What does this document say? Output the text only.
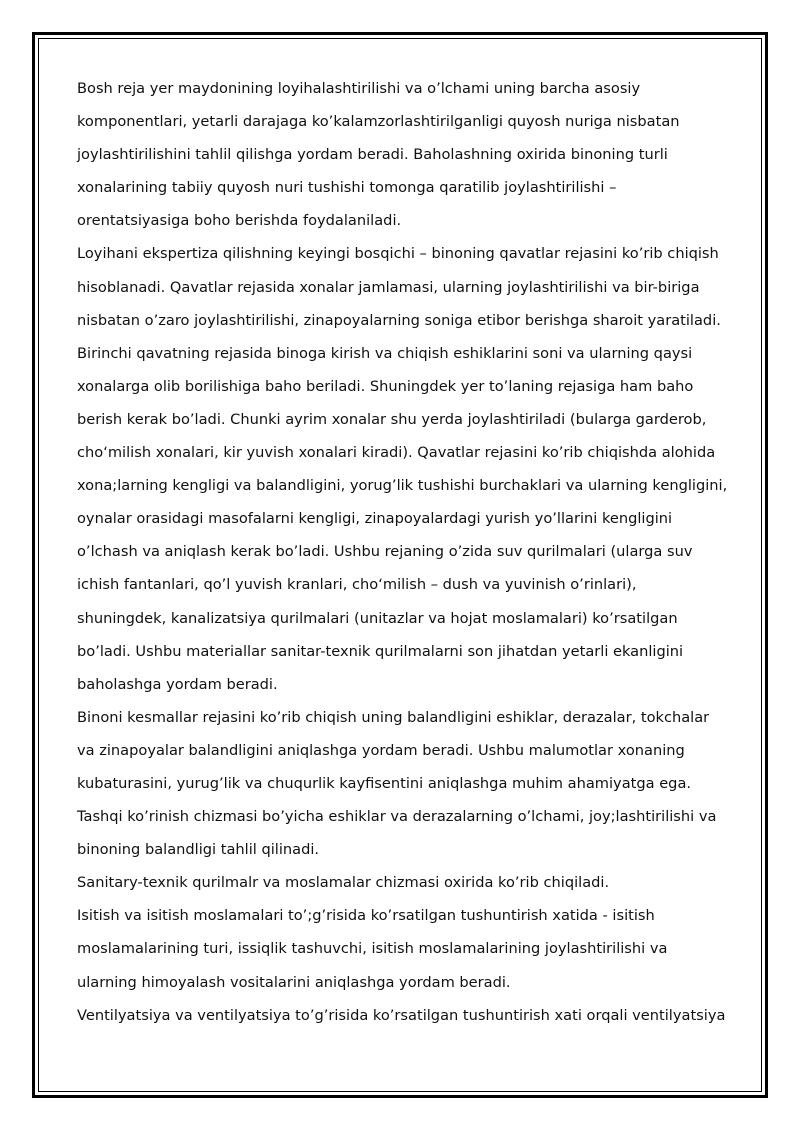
Bosh reja yer maydonining loyihalashtirilishi va o’lchami uning barcha asosiy
komponentlari, yetarli darajaga ko’kalamzorlashtirilganligi quyosh nuriga nisbatan
joylashtirilishini tahlil qilishga yordam beradi. Baholashning oxirida binoning turli
xonalarining tabiiy quyosh nuri tushishi tomonga qaratilib joylashtirilishi –
orentatsiyasiga boho berishda foydalaniladi.
Loyihani ekspertiza qilishning keyingi bosqichi – binoning qavatlar rejasini ko’rib chiqish
hisoblanadi. Qavatlar rejasida xonalar jamlamasi, ularning joylashtirilishi va bir-biriga
nisbatan o’zaro joylashtirilishi, zinapoyalarning soniga etibor berishga sharoit yaratiladi.
Birinchi qavatning rejasida binoga kirish va chiqish eshiklarini soni va ularning qaysi
xonalarga olib borilishiga baho beriladi. Shuningdek yer to’laning rejasiga ham baho
berish kerak bo’ladi. Chunki ayrim xonalar shu yerda joylashtiriladi (bularga garderob,
cho‘milish xonalari, kir yuvish xonalari kiradi). Qavatlar rejasini ko’rib chiqishda alohida
xona;larning kengligi va balandligini, yorug’lik tushishi burchaklari va ularning kengligini,
oynalar orasidagi masofalarni kengligi, zinapoyalardagi yurish yo’llarini kengligini
o’lchash va aniqlash kerak bo’ladi. Ushbu rejaning o’zida suv qurilmalari (ularga suv
ichish fantanlari, qo’l yuvish kranlari, cho‘milish – dush va yuvinish o’rinlari),
shuningdek, kanalizatsiya qurilmalari (unitazlar va hojat moslamalari) ko’rsatilgan
bo’ladi. Ushbu materiallar sanitar-texnik qurilmalarni son jihatdan yetarli ekanligini
baholashga yordam beradi.
Binoni kesmallar rejasini ko’rib chiqish uning balandligini eshiklar, derazalar, tokchalar
va zinapoyalar balandligini aniqlashga yordam beradi. Ushbu malumotlar xonaning
kubaturasini, yurug’lik va chuqurlik kayfisentini aniqlashga muhim ahamiyatga ega.
Tashqi ko’rinish chizmasi bo’yicha eshiklar va derazalarning o’lchami, joy;lashtirilishi va
binoning balandligi tahlil qilinadi.
Sanitary-texnik qurilmalr va moslamalar chizmasi oxirida ko’rib chiqiladi.
Isitish va isitish moslamalari to’;g’risida ko’rsatilgan tushuntirish xatida - isitish
moslamalarining turi, issiqlik tashuvchi, isitish moslamalarining joylashtirilishi va
ularning himoyalash vositalarini aniqlashga yordam beradi.
Ventilyatsiya va ventilyatsiya to’g’risida ko’rsatilgan tushuntirish xati orqali ventilyatsiya
